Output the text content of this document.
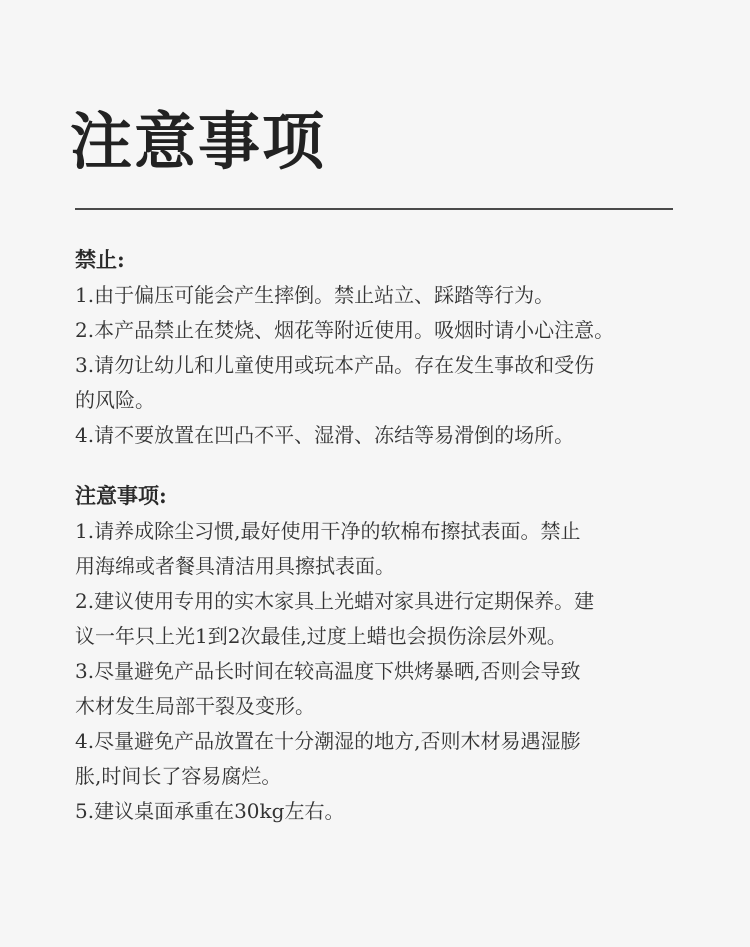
注意事项

禁止:

1.由于偏压可能会产生摔倒。禁止站立、踩踏等行为。

2.本产品禁止在焚烧、烟花等附近使用。吸烟时请小心注意。

3.请勿让幼儿和儿童使用或玩本产品。存在发生事故和受伤
的风险。

4.请不要放置在凹凸不平、湿滑、冻结等易滑倒的场所。

注意事项:

1.请养成除尘习惯,最好使用干净的软棉布擦拭表面。禁止
用海绵或者餐具清洁用具擦拭表面。

2.建议使用专用的实木家具上光蜡对家具进行定期保养。建
议一年只上光1到2次最佳,过度上蜡也会损伤涂层外观。

3.尽量避免产品长时间在较高温度下烘烤暴晒,否则会导致
木材发生局部干裂及变形。

4.尽量避免产品放置在十分潮湿的地方,否则木材易遇湿膨
胀,时间长了容易腐烂。

5.建议桌面承重在30kg左右。
